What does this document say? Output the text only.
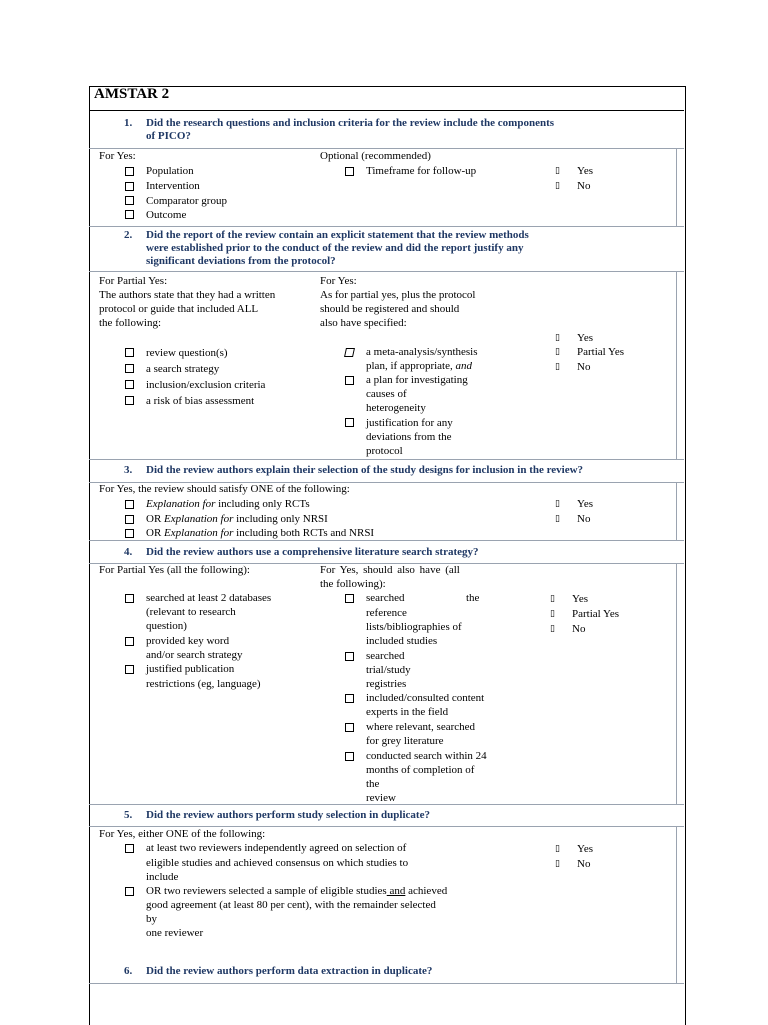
AMSTAR 2
1. Did the research questions and inclusion criteria for the review include the components
of PICO?
For Yes:
Population
Intervention
Comparator group
Outcome
Optional (recommended)
Timeframe for follow-up	▯ Yes
▯ No
2. Did the report of the review contain an explicit statement that the review methods
were established prior to the conduct of the review and did the report justify any
significant deviations from the protocol?
For Partial Yes:
The authors state that they had a written
protocol or guide that included ALL
the following:
review question(s)
a search strategy
inclusion/exclusion criteria
a risk of bias assessment
For Yes:
As for partial yes, plus the protocol
should be registered and should
also have specified:
a meta-analysis/synthesis
plan, if appropriate, and
a plan for investigating
causes of
heterogeneity
justification for any
deviations from the
protocol
▯ Yes
▯ Partial Yes
▯ No
3. Did the review authors explain their selection of the study designs for inclusion in the review?
For Yes, the review should satisfy ONE of the following:
Explanation for including only RCTs
OR Explanation for including only NRSI
OR Explanation for including both RCTs and NRSI
▯ Yes
▯ No
4. Did the review authors use a comprehensive literature search strategy?
For Partial Yes (all the following):
searched at least 2 databases
(relevant to research
question)
provided key word
and/or search strategy
justified publication
restrictions (eg, language)
For Yes, should also have (all
the following):
searched	the
reference
lists/bibliographies of
included studies
searched
trial/study
registries
included/consulted content
experts in the field
where relevant, searched
for grey literature
conducted search within 24
months of completion of
the
review
▯ Yes
▯ Partial Yes
▯ No
5. Did the review authors perform study selection in duplicate?
For Yes, either ONE of the following:
at least two reviewers independently agreed on selection of
eligible studies and achieved consensus on which studies to
include
OR two reviewers selected a sample of eligible studies and achieved
good agreement (at least 80 per cent), with the remainder selected
by
one reviewer
▯ Yes
▯ No
6. Did the review authors perform data extraction in duplicate?
